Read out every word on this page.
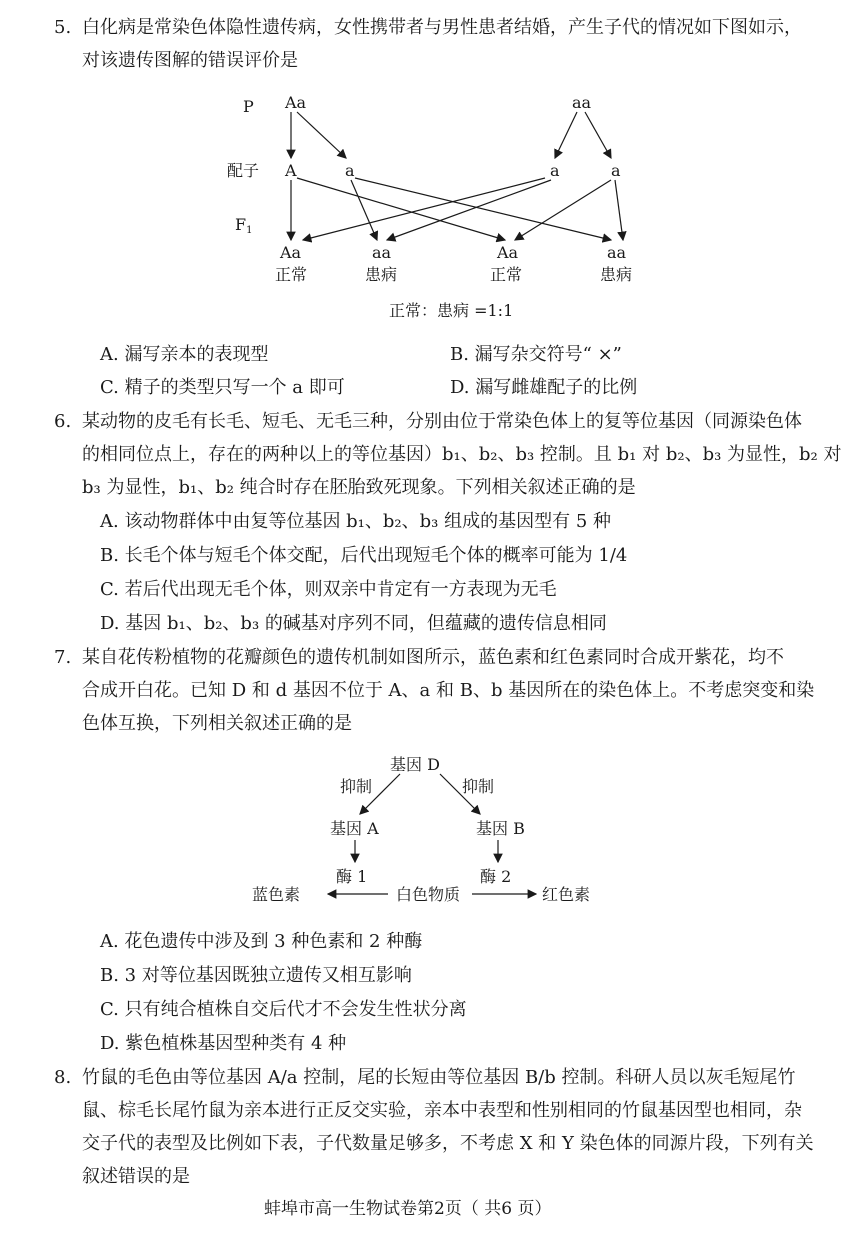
5. 白化病是常染色体隐性遗传病，女性携带者与男性患者结婚，产生子代的情况如下图如示，
对该遗传图解的错误评价是
P
配子
F1
Aa	aa
A	a	a	a
Aa	aa	Aa	aa
正常	患病	正常	患病
正常：患病 =1:1
A. 漏写亲本的表现型	B. 漏写杂交符号“ ×”
C. 精子的类型只写一个 a 即可	D. 漏写雌雄配子的比例
6. 某动物的皮毛有长毛、短毛、无毛三种，分别由位于常染色体上的复等位基因（同源染色体
的相同位点上，存在的两种以上的等位基因）b₁、b₂、b₃ 控制。且 b₁ 对 b₂、b₃ 为显性，b₂ 对
b₃ 为显性，b₁、b₂ 纯合时存在胚胎致死现象。下列相关叙述正确的是
A. 该动物群体中由复等位基因 b₁、b₂、b₃ 组成的基因型有 5 种
B. 长毛个体与短毛个体交配，后代出现短毛个体的概率可能为 1/4
C. 若后代出现无毛个体，则双亲中肯定有一方表现为无毛
D. 基因 b₁、b₂、b₃ 的碱基对序列不同，但蕴藏的遗传信息相同
7. 某自花传粉植物的花瓣颜色的遗传机制如图所示，蓝色素和红色素同时合成开紫花，均不
合成开白花。已知 D 和 d 基因不位于 A、a 和 B、b 基因所在的染色体上。不考虑突变和染
色体互换，下列相关叙述正确的是
基因 D
抑制	抑制
基因 A	基因 B
酶 1	酶 2
蓝色素	白色物质	红色素
A. 花色遗传中涉及到 3 种色素和 2 种酶
B. 3 对等位基因既独立遗传又相互影响
C. 只有纯合植株自交后代才不会发生性状分离
D. 紫色植株基因型种类有 4 种
8. 竹鼠的毛色由等位基因 A/a 控制，尾的长短由等位基因 B/b 控制。科研人员以灰毛短尾竹
鼠、棕毛长尾竹鼠为亲本进行正反交实验，亲本中表型和性别相同的竹鼠基因型也相同，杂
交子代的表型及比例如下表，子代数量足够多，不考虑 X 和 Y 染色体的同源片段，下列有关
叙述错误的是
蚌埠市高一生物试卷第2页（ 共6 页）
